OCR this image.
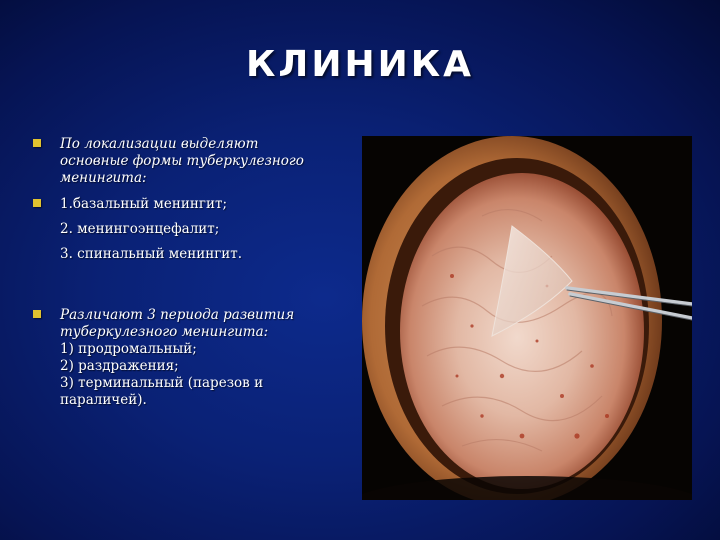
КЛИНИКА
По локализации выделяют
основные формы туберкулезного
менингита:
1.базальный менингит;
2. менингоэнцефалит;
3. спинальный менингит.
Различают 3 периода развития
туберкулезного менингита:
1) продромальный;
2) раздражения;
3) терминальный (парезов и
параличей).
